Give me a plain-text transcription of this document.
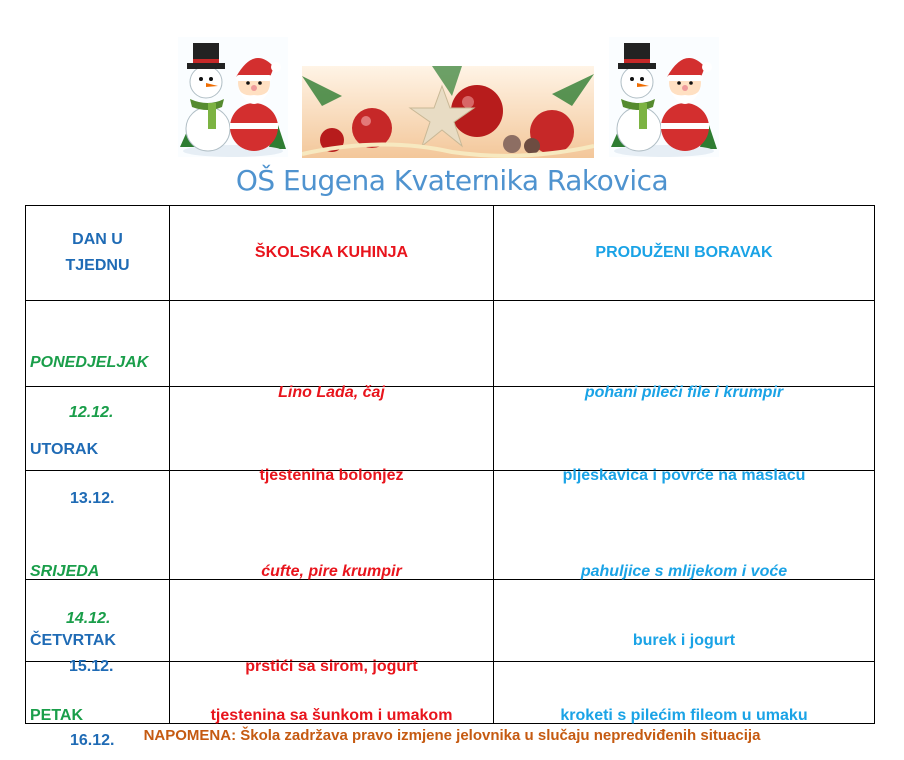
OŠ Eugena Kvaternika Rakovica
DAN U
TJEDNU	ŠKOLSKA KUHINJA	PRODUŽENI BORAVAK

PONEDJELJAK
12.12.	Lino Lada, čaj	pohani pileći file i krumpir

UTORAK
13.12.	tjestenina bolonjez	pljeskavica i povrće na maslacu

SRIJEDA
14.12.	ćufte, pire krumpir	pahuljice s mlijekom i voće

ČETVRTAK
15.12.	prstići sa sirom, jogurt	burek i jogurt

PETAK
16.12.	tjestenina sa šunkom i umakom	kroketi s pilećim fileom u umaku
NAPOMENA: Škola zadržava pravo izmjene jelovnika u slučaju nepredviđenih situacija
